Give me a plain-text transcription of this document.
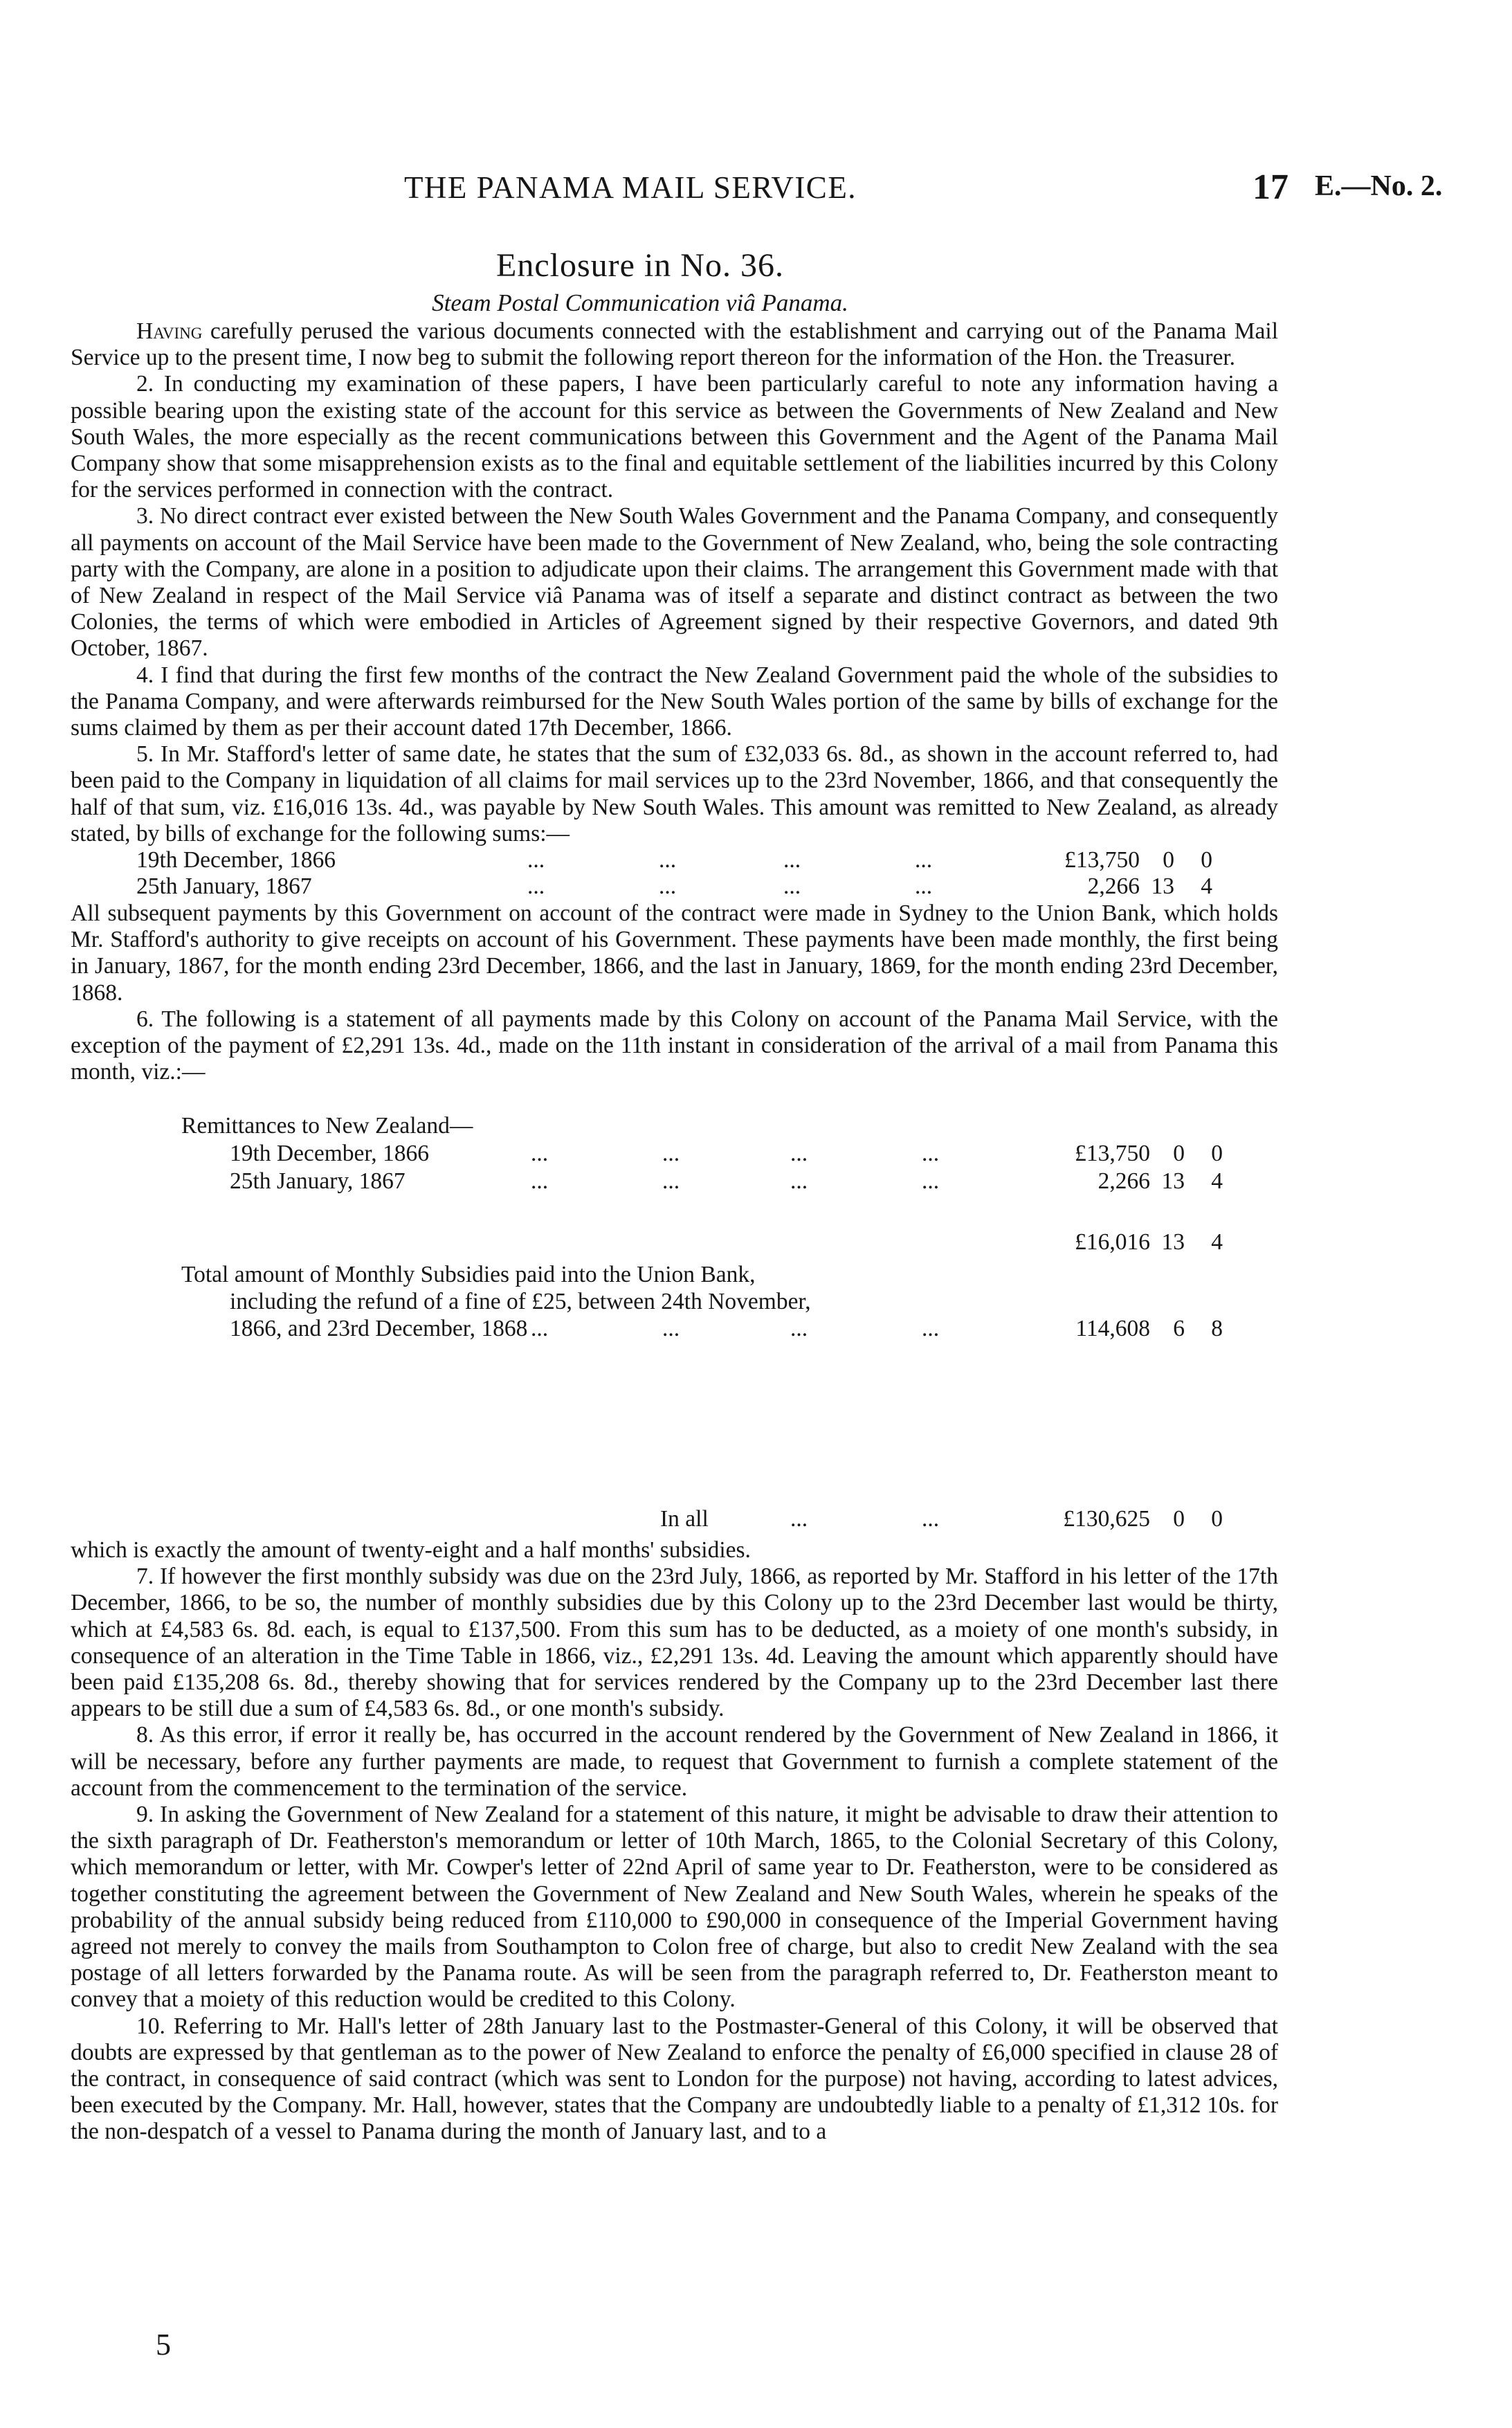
THE PANAMA MAIL SERVICE.	17 E.—No. 2.
Enclosure in No. 36.
Steam Postal Communication viâ Panama.

Having carefully perused the various documents connected with the establishment and carrying out of the Panama Mail Service up to the present time, I now beg to submit the following report thereon for the information of the Hon. the Treasurer.

2. In conducting my examination of these papers, I have been particularly careful to note any information having a possible bearing upon the existing state of the account for this service as between the Governments of New Zealand and New South Wales, the more especially as the recent communications between this Government and the Agent of the Panama Mail Company show that some misapprehension exists as to the final and equitable settlement of the liabilities incurred by this Colony for the services performed in connection with the contract.

3. No direct contract ever existed between the New South Wales Government and the Panama Company, and consequently all payments on account of the Mail Service have been made to the Government of New Zealand, who, being the sole contracting party with the Company, are alone in a position to adjudicate upon their claims. The arrangement this Government made with that of New Zealand in respect of the Mail Service viâ Panama was of itself a separate and distinct contract as between the two Colonies, the terms of which were embodied in Articles of Agreement signed by their respective Governors, and dated 9th October, 1867.

4. I find that during the first few months of the contract the New Zealand Government paid the whole of the subsidies to the Panama Company, and were afterwards reimbursed for the New South Wales portion of the same by bills of exchange for the sums claimed by them as per their account dated 17th December, 1866.

5. In Mr. Stafford's letter of same date, he states that the sum of £32,033 6s. 8d., as shown in the account referred to, had been paid to the Company in liquidation of all claims for mail services up to the 23rd November, 1866, and that consequently the half of that sum, viz. £16,016 13s. 4d., was payable by New South Wales. This amount was remitted to New Zealand, as already stated, by bills of exchange for the following sums:—

19th December, 1866	...	...	...	...	£13,750 0	0
25th January, 1867	...	...	...	...	2,266 13	4

All subsequent payments by this Government on account of the contract were made in Sydney to the Union Bank, which holds Mr. Stafford's authority to give receipts on account of his Government. These payments have been made monthly, the first being in January, 1867, for the month ending 23rd December, 1866, and the last in January, 1869, for the month ending 23rd December, 1868.

6. The following is a statement of all payments made by this Colony on account of the Panama Mail Service, with the exception of the payment of £2,291 13s. 4d., made on the 11th instant in consideration of the arrival of a mail from Panama this month, viz.:—

Remittances to New Zealand—
19th December, 1866	...	...	...	...	£13,750 0	0
25th January, 1867	...	...	...	...	2,266 13	4
£16,016 13	4
Total amount of Monthly Subsidies paid into the Union Bank,
including the refund of a fine of £25, between 24th November,
1866, and 23rd December, 1868 ...	...	...	...	114,608 6	8
In all	...	...	£130,625 0	0

which is exactly the amount of twenty-eight and a half months' subsidies.

7. If however the first monthly subsidy was due on the 23rd July, 1866, as reported by Mr. Stafford in his letter of the 17th December, 1866, to be so, the number of monthly subsidies due by this Colony up to the 23rd December last would be thirty, which at £4,583 6s. 8d. each, is equal to £137,500. From this sum has to be deducted, as a moiety of one month's subsidy, in consequence of an alteration in the Time Table in 1866, viz., £2,291 13s. 4d. Leaving the amount which apparently should have been paid £135,208 6s. 8d., thereby showing that for services rendered by the Company up to the 23rd December last there appears to be still due a sum of £4,583 6s. 8d., or one month's subsidy.

8. As this error, if error it really be, has occurred in the account rendered by the Government of New Zealand in 1866, it will be necessary, before any further payments are made, to request that Government to furnish a complete statement of the account from the commencement to the termination of the service.

9. In asking the Government of New Zealand for a statement of this nature, it might be advisable to draw their attention to the sixth paragraph of Dr. Featherston's memorandum or letter of 10th March, 1865, to the Colonial Secretary of this Colony, which memorandum or letter, with Mr. Cowper's letter of 22nd April of same year to Dr. Featherston, were to be considered as together constituting the agreement between the Government of New Zealand and New South Wales, wherein he speaks of the probability of the annual subsidy being reduced from £110,000 to £90,000 in consequence of the Imperial Government having agreed not merely to convey the mails from Southampton to Colon free of charge, but also to credit New Zealand with the sea postage of all letters forwarded by the Panama route. As will be seen from the paragraph referred to, Dr. Featherston meant to convey that a moiety of this reduction would be credited to this Colony.

10. Referring to Mr. Hall's letter of 28th January last to the Postmaster-General of this Colony, it will be observed that doubts are expressed by that gentleman as to the power of New Zealand to enforce the penalty of £6,000 specified in clause 28 of the contract, in consequence of said contract (which was sent to London for the purpose) not having, according to latest advices, been executed by the Company. Mr. Hall, however, states that the Company are undoubtedly liable to a penalty of £1,312 10s. for the non-despatch of a vessel to Panama during the month of January last, and to a

5
